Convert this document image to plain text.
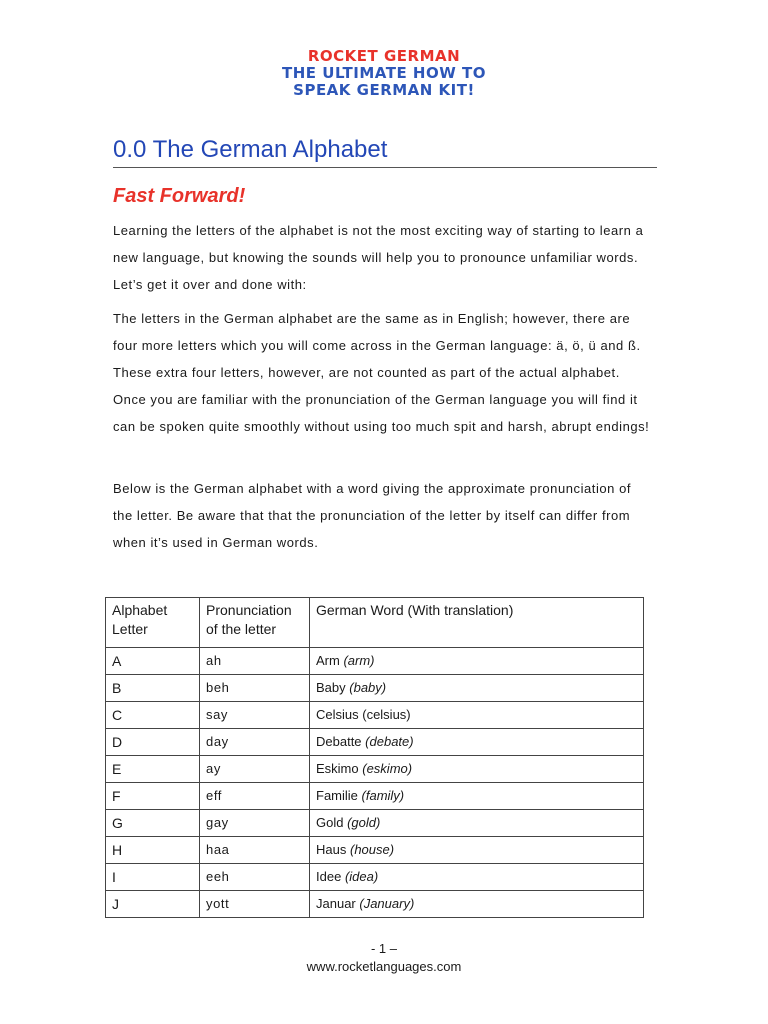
ROCKET GERMAN
THE ULTIMATE HOW TO
SPEAK GERMAN KIT!
0.0 The German Alphabet
Fast Forward!

Learning the letters of the alphabet is not the most exciting way of starting to learn a new language, but knowing the sounds will help you to pronounce unfamiliar words. Let’s get it over and done with:

The letters in the German alphabet are the same as in English; however, there are four more letters which you will come across in the German language: ä, ö, ü and ß. These extra four letters, however, are not counted as part of the actual alphabet. Once you are familiar with the pronunciation of the German language you will find it can be spoken quite smoothly without using too much spit and harsh, abrupt endings!

Below is the German alphabet with a word giving the approximate pronunciation of the letter. Be aware that that the pronunciation of the letter by itself can differ from when it’s used in German words.

Alphabet Letter	Pronunciation of the letter	German Word (With translation)
A	ah	Arm (arm)
B	beh	Baby (baby)
C	say	Celsius (celsius)
D	day	Debatte (debate)
E	ay	Eskimo (eskimo)
F	eff	Familie (family)
G	gay	Gold (gold)
H	haa	Haus (house)
I	eeh	Idee (idea)
J	yott	Januar (January)
- 1 –
www.rocketlanguages.com
